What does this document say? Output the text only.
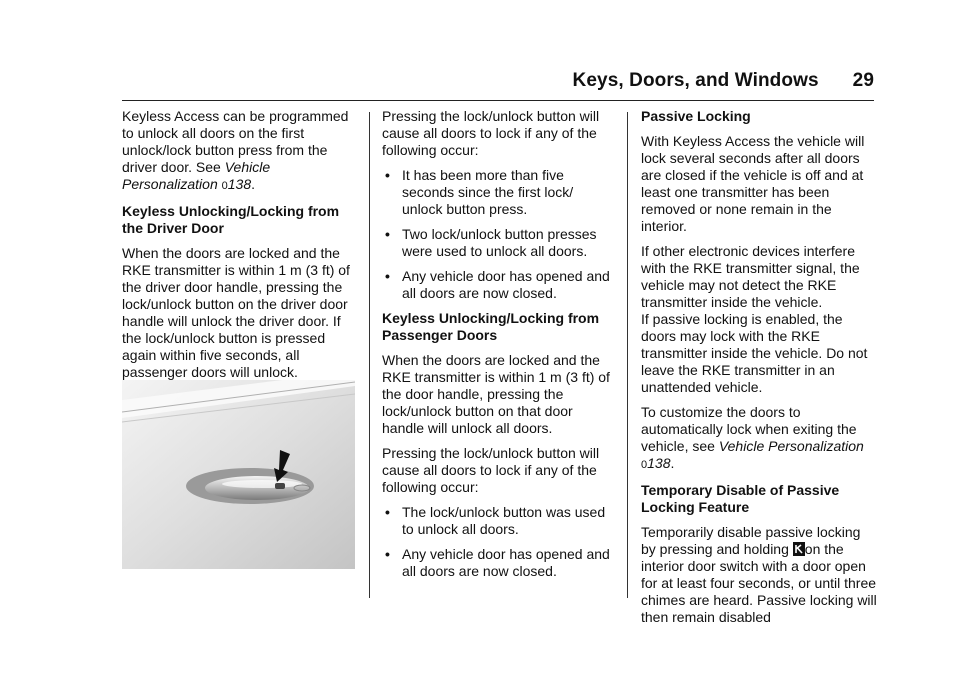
Keys, Doors, and Windows 29

Keyless Access can be programmed to unlock all doors on the first unlock/lock button press from the driver door. See Vehicle Personalization 0138.

Keyless Unlocking/Locking from the Driver Door

When the doors are locked and the RKE transmitter is within 1 m (3 ft) of the driver door handle, pressing the lock/unlock button on the driver door handle will unlock the driver door. If the lock/unlock button is pressed again within five seconds, all passenger doors will unlock.

Pressing the lock/unlock button will cause all doors to lock if any of the following occur:

• It has been more than five seconds since the first lock/ unlock button press.
• Two lock/unlock button presses were used to unlock all doors.
• Any vehicle door has opened and all doors are now closed.

Keyless Unlocking/Locking from Passenger Doors

When the doors are locked and the RKE transmitter is within 1 m (3 ft) of the door handle, pressing the lock/unlock button on that door handle will unlock all doors.

Pressing the lock/unlock button will cause all doors to lock if any of the following occur:

• The lock/unlock button was used to unlock all doors.
• Any vehicle door has opened and all doors are now closed.

Passive Locking

With Keyless Access the vehicle will lock several seconds after all doors are closed if the vehicle is off and at least one transmitter has been removed or none remain in the interior.

If other electronic devices interfere with the RKE transmitter signal, the vehicle may not detect the RKE transmitter inside the vehicle.

If passive locking is enabled, the doors may lock with the RKE transmitter inside the vehicle. Do not leave the RKE transmitter in an unattended vehicle.

To customize the doors to automatically lock when exiting the vehicle, see Vehicle Personalization 0138.

Temporary Disable of Passive Locking Feature

Temporarily disable passive locking by pressing and holding on the interior door switch with a door open for at least four seconds, or until three chimes are heard. Passive locking will then remain disabled
